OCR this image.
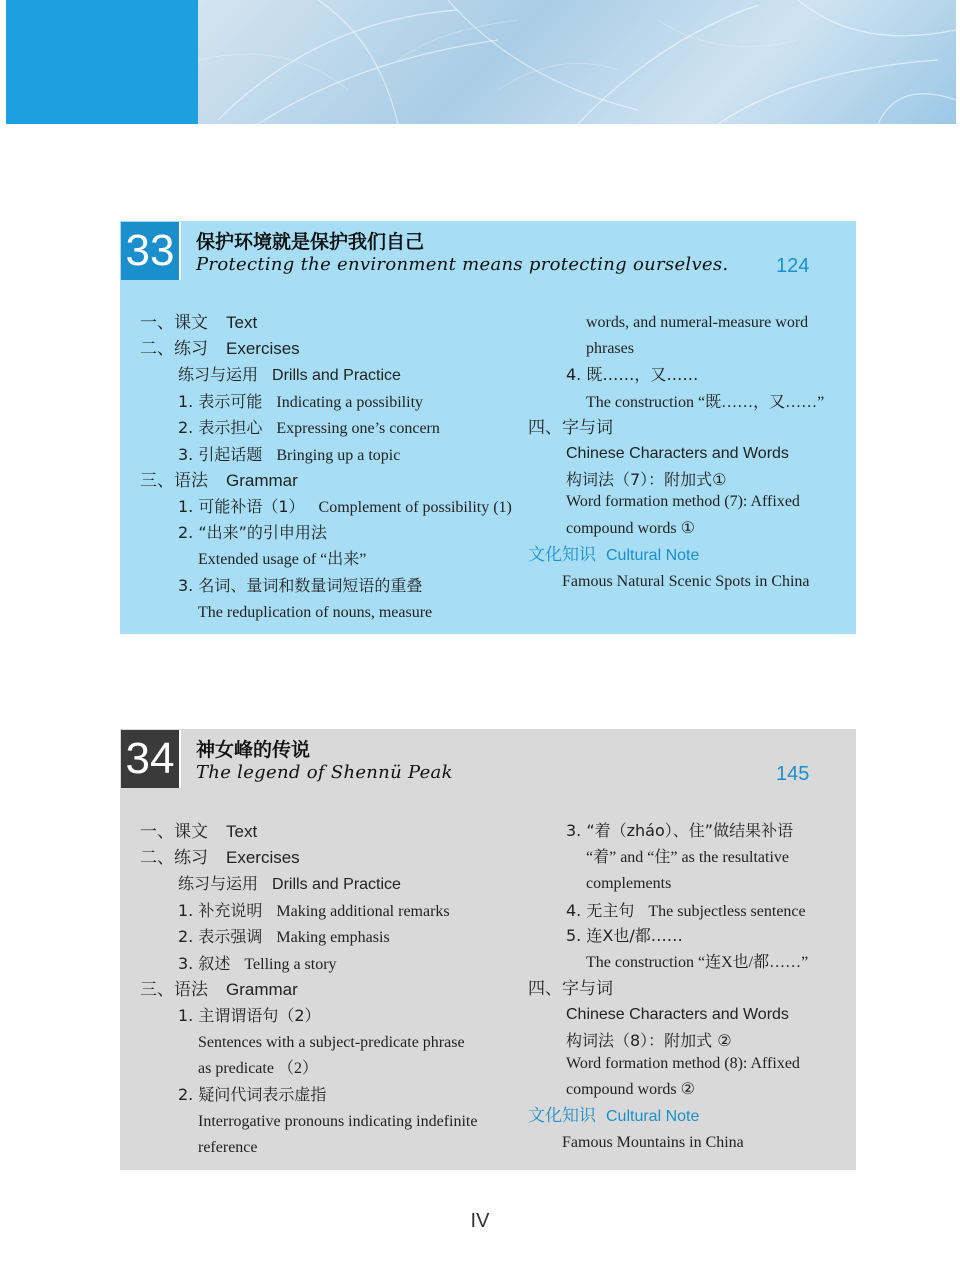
33 保护环境就是保护我们自己
Protecting the environment means protecting ourselves. 124
一、课文 Text
二、练习 Exercises
练习与运用 Drills and Practice
1. 表示可能 Indicating a possibility
2. 表示担心 Expressing one’s concern
3. 引起话题 Bringing up a topic
三、语法 Grammar
1. 可能补语（1） Complement of possibility (1)
2. “出来”的引申用法
Extended usage of “出来”
3. 名词、量词和数量词短语的重叠
The reduplication of nouns, measure
words, and numeral-measure word
phrases
4. 既……，又……
The construction “既……，又……”
四、字与词
Chinese Characters and Words
构词法（7）：附加式①
Word formation method (7): Affixed
compound words ①
文化知识 Cultural Note
Famous Natural Scenic Spots in China
34 神女峰的传说
The legend of Shennü Peak	145
一、课文 Text
二、练习 Exercises
练习与运用 Drills and Practice
1. 补充说明 Making additional remarks
2. 表示强调 Making emphasis
3. 叙述 Telling a story
三、语法 Grammar
1. 主谓谓语句（2）
Sentences with a subject-predicate phrase
as predicate （2）
2. 疑问代词表示虚指
Interrogative pronouns indicating indefinite
reference
3. “着（zháo）、住”做结果补语
“着” and “住” as the resultative
complements
4. 无主句 The subjectless sentence
5. 连X也/都……
The construction “连X也/都……”
四、字与词
Chinese Characters and Words
构词法（8）：附加式 ②
Word formation method (8): Affixed
compound words ②
文化知识 Cultural Note
Famous Mountains in China
IV
